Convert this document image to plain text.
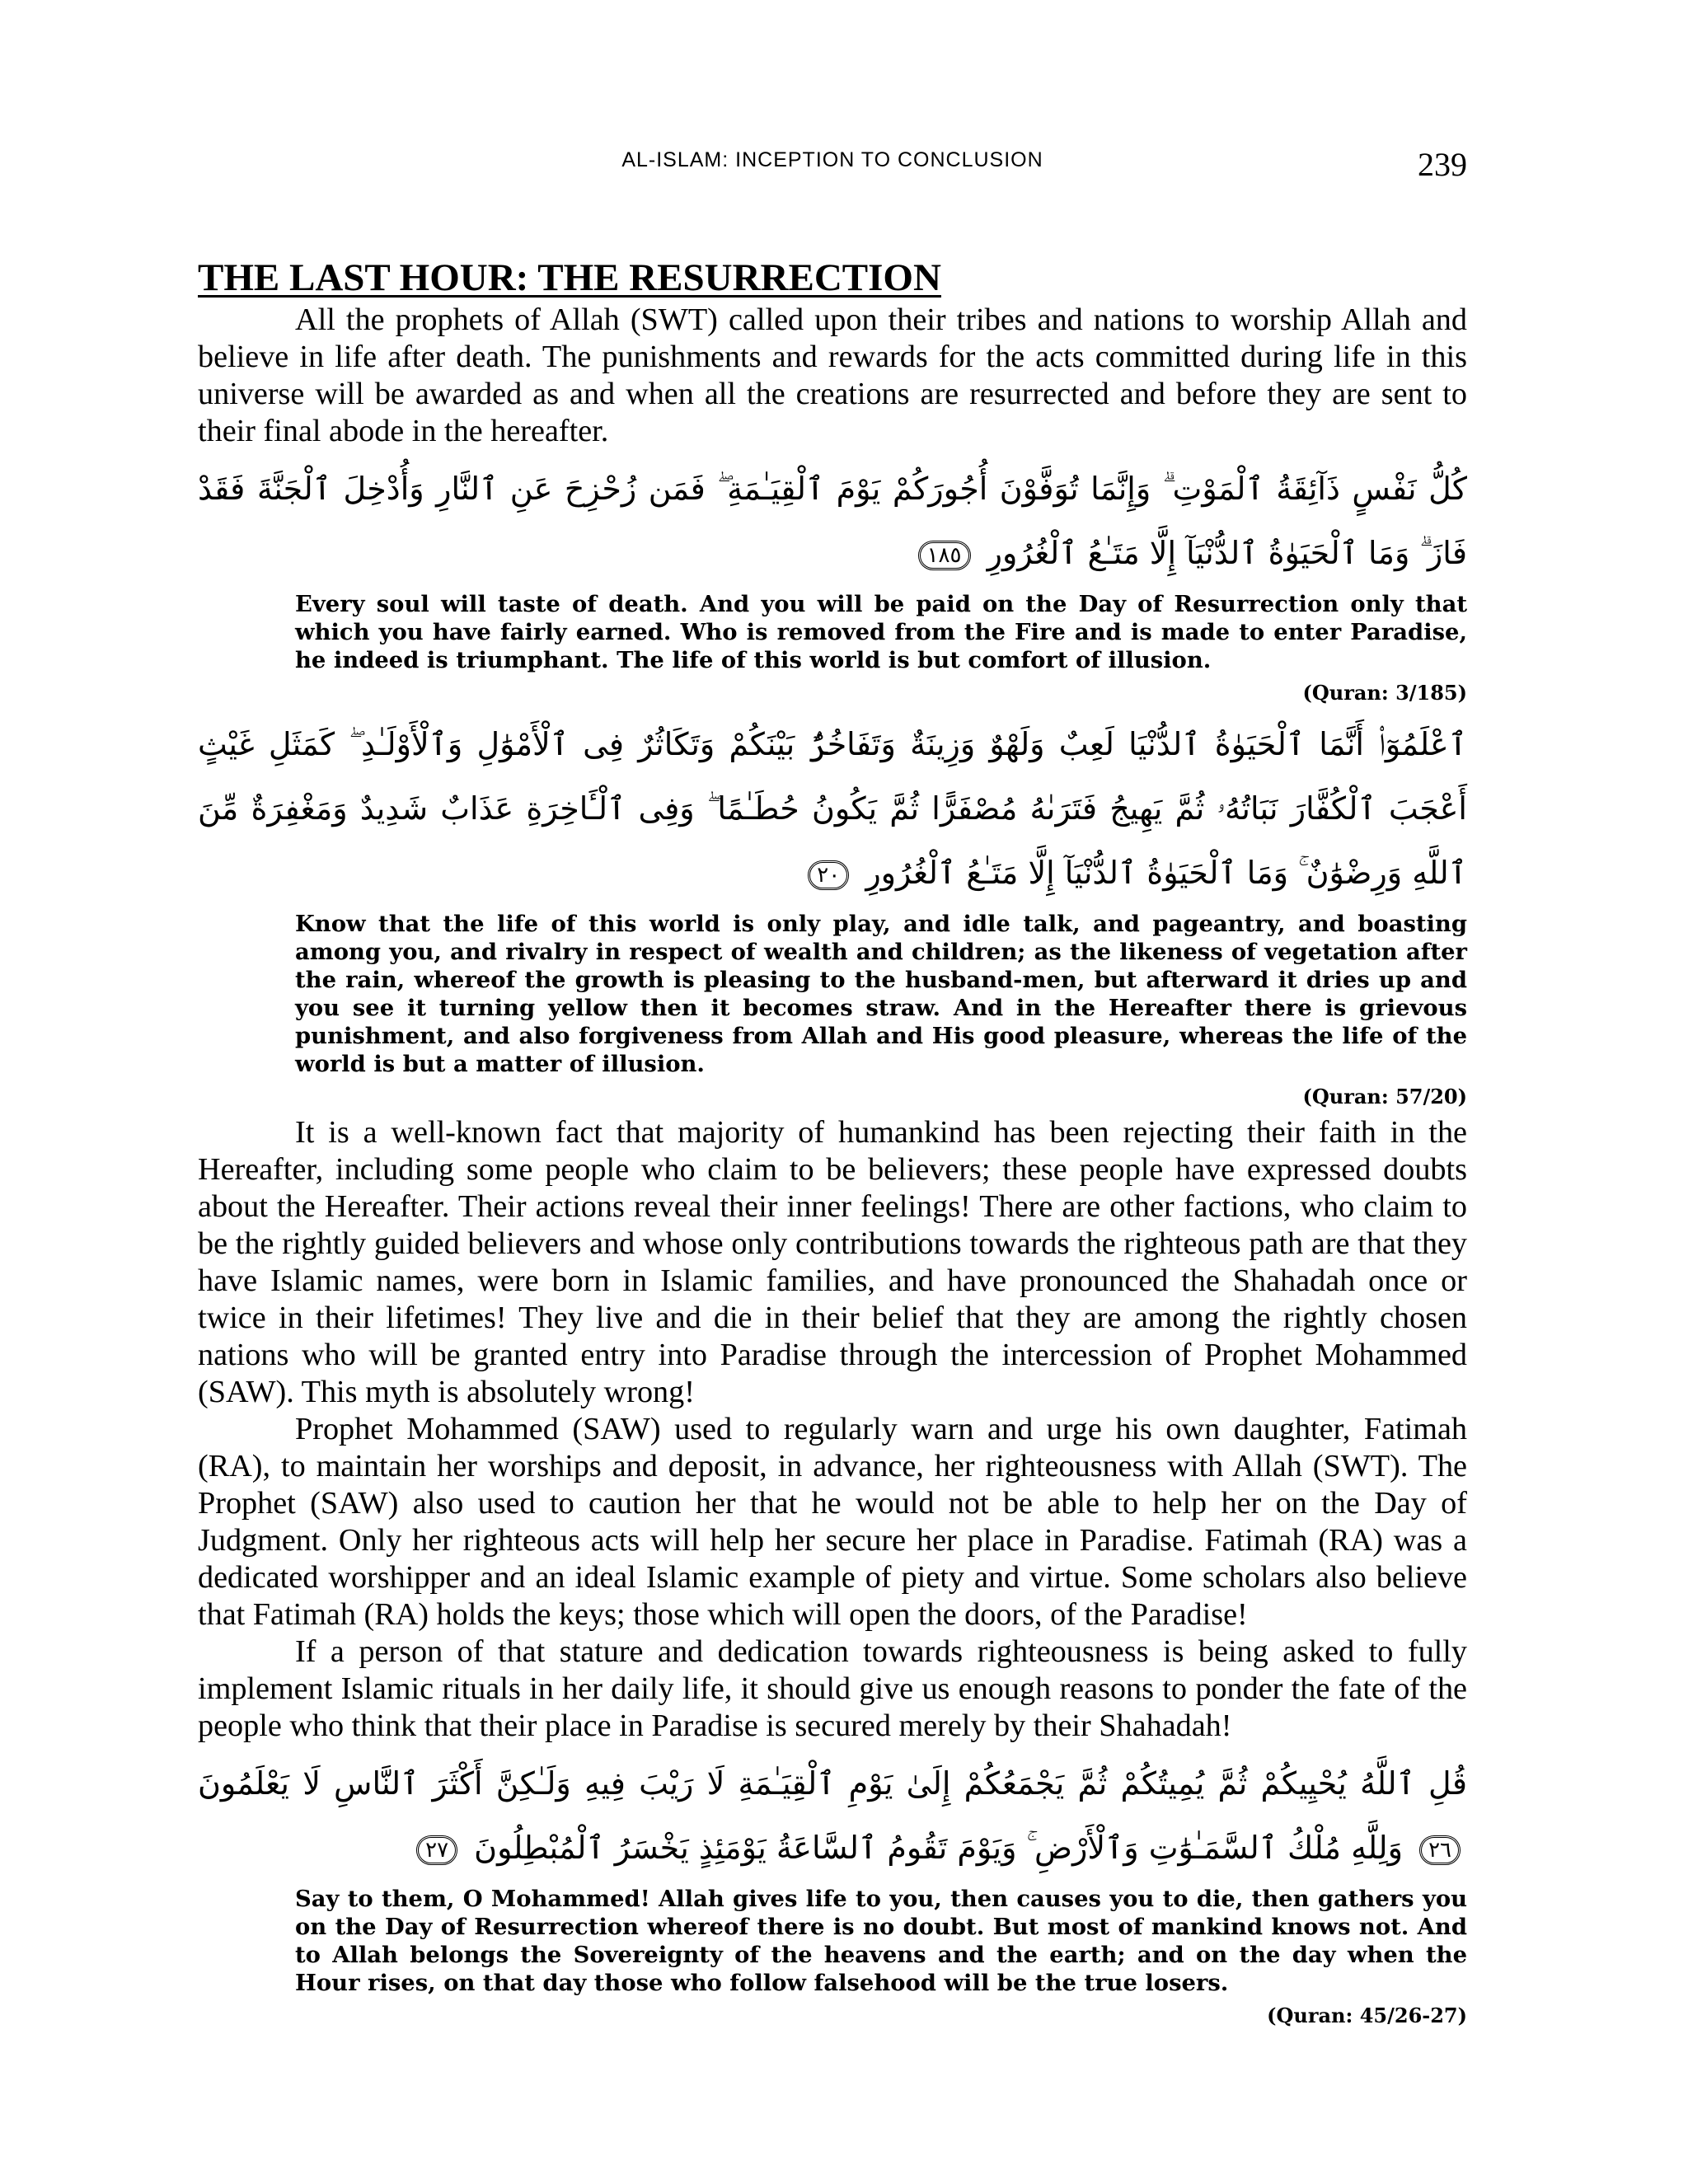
AL-ISLAM: INCEPTION TO CONCLUSION	239
THE LAST HOUR: THE RESURRECTION

All the prophets of Allah (SWT) called upon their tribes and nations to worship Allah and believe in life after death. The punishments and rewards for the acts committed during life in this universe will be awarded as and when all the creations are resurrected and before they are sent to their final abode in the hereafter.

كُلُّ نَفْسٍ ذَآئِقَةُ ٱلْمَوْتِ ۗ وَإِنَّمَا تُوَفَّوْنَ أُجُورَكُمْ يَوْمَ ٱلْقِيَـٰمَةِ ۖ فَمَن زُحْزِحَ عَنِ ٱلنَّارِ وَأُدْخِلَ ٱلْجَنَّةَ فَقَدْ فَازَ ۗ وَمَا ٱلْحَيَوٰةُ ٱلدُّنْيَآ إِلَّا مَتَـٰعُ ٱلْغُرُورِ ١٨٥

Every soul will taste of death. And you will be paid on the Day of Resurrection only that which you have fairly earned. Who is removed from the Fire and is made to enter Paradise, he indeed is triumphant. The life of this world is but comfort of illusion.

(Quran: 3/185)
ٱعْلَمُوٓا۟ أَنَّمَا ٱلْحَيَوٰةُ ٱلدُّنْيَا لَعِبٌ وَلَهْوٌ وَزِينَةٌ وَتَفَاخُرٌۢ بَيْنَكُمْ وَتَكَاثُرٌ فِى ٱلْأَمْوَٰلِ وَٱلْأَوْلَـٰدِ ۖ كَمَثَلِ غَيْثٍ أَعْجَبَ ٱلْكُفَّارَ نَبَاتُهُۥ ثُمَّ يَهِيجُ فَتَرَىٰهُ مُصْفَرًّا ثُمَّ يَكُونُ حُطَـٰمًا ۖ وَفِى ٱلْـَٔاخِرَةِ عَذَابٌ شَدِيدٌ وَمَغْفِرَةٌ مِّنَ ٱللَّهِ وَرِضْوَٰنٌ ۚ وَمَا ٱلْحَيَوٰةُ ٱلدُّنْيَآ إِلَّا مَتَـٰعُ ٱلْغُرُورِ ٢٠

Know that the life of this world is only play, and idle talk, and pageantry, and boasting among you, and rivalry in respect of wealth and children; as the likeness of vegetation after the rain, whereof the growth is pleasing to the husband-men, but afterward it dries up and you see it turning yellow then it becomes straw. And in the Hereafter there is grievous punishment, and also forgiveness from Allah and His good pleasure, whereas the life of the world is but a matter of illusion.

(Quran: 57/20)

It is a well-known fact that majority of humankind has been rejecting their faith in the Hereafter, including some people who claim to be believers; these people have expressed doubts about the Hereafter. Their actions reveal their inner feelings! There are other factions, who claim to be the rightly guided believers and whose only contributions towards the righteous path are that they have Islamic names, were born in Islamic families, and have pronounced the Shahadah once or twice in their lifetimes! They live and die in their belief that they are among the rightly chosen nations who will be granted entry into Paradise through the intercession of Prophet Mohammed (SAW). This myth is absolutely wrong!

Prophet Mohammed (SAW) used to regularly warn and urge his own daughter, Fatimah (RA), to maintain her worships and deposit, in advance, her righteousness with Allah (SWT). The Prophet (SAW) also used to caution her that he would not be able to help her on the Day of Judgment. Only her righteous acts will help her secure her place in Paradise. Fatimah (RA) was a dedicated worshipper and an ideal Islamic example of piety and virtue. Some scholars also believe that Fatimah (RA) holds the keys; those which will open the doors, of the Paradise!

If a person of that stature and dedication towards righteousness is being asked to fully implement Islamic rituals in her daily life, it should give us enough reasons to ponder the fate of the people who think that their place in Paradise is secured merely by their Shahadah!

قُلِ ٱللَّهُ يُحْيِيكُمْ ثُمَّ يُمِيتُكُمْ ثُمَّ يَجْمَعُكُمْ إِلَىٰ يَوْمِ ٱلْقِيَـٰمَةِ لَا رَيْبَ فِيهِ وَلَـٰكِنَّ أَكْثَرَ ٱلنَّاسِ لَا يَعْلَمُونَ ٢٦ وَلِلَّهِ مُلْكُ ٱلسَّمَـٰوَٰتِ وَٱلْأَرْضِ ۚ وَيَوْمَ تَقُومُ ٱلسَّاعَةُ يَوْمَئِذٍ يَخْسَرُ ٱلْمُبْطِلُونَ ٢٧

Say to them, O Mohammed! Allah gives life to you, then causes you to die, then gathers you on the Day of Resurrection whereof there is no doubt. But most of mankind knows not. And to Allah belongs the Sovereignty of the heavens and the earth; and on the day when the Hour rises, on that day those who follow falsehood will be the true losers.

(Quran: 45/26-27)
